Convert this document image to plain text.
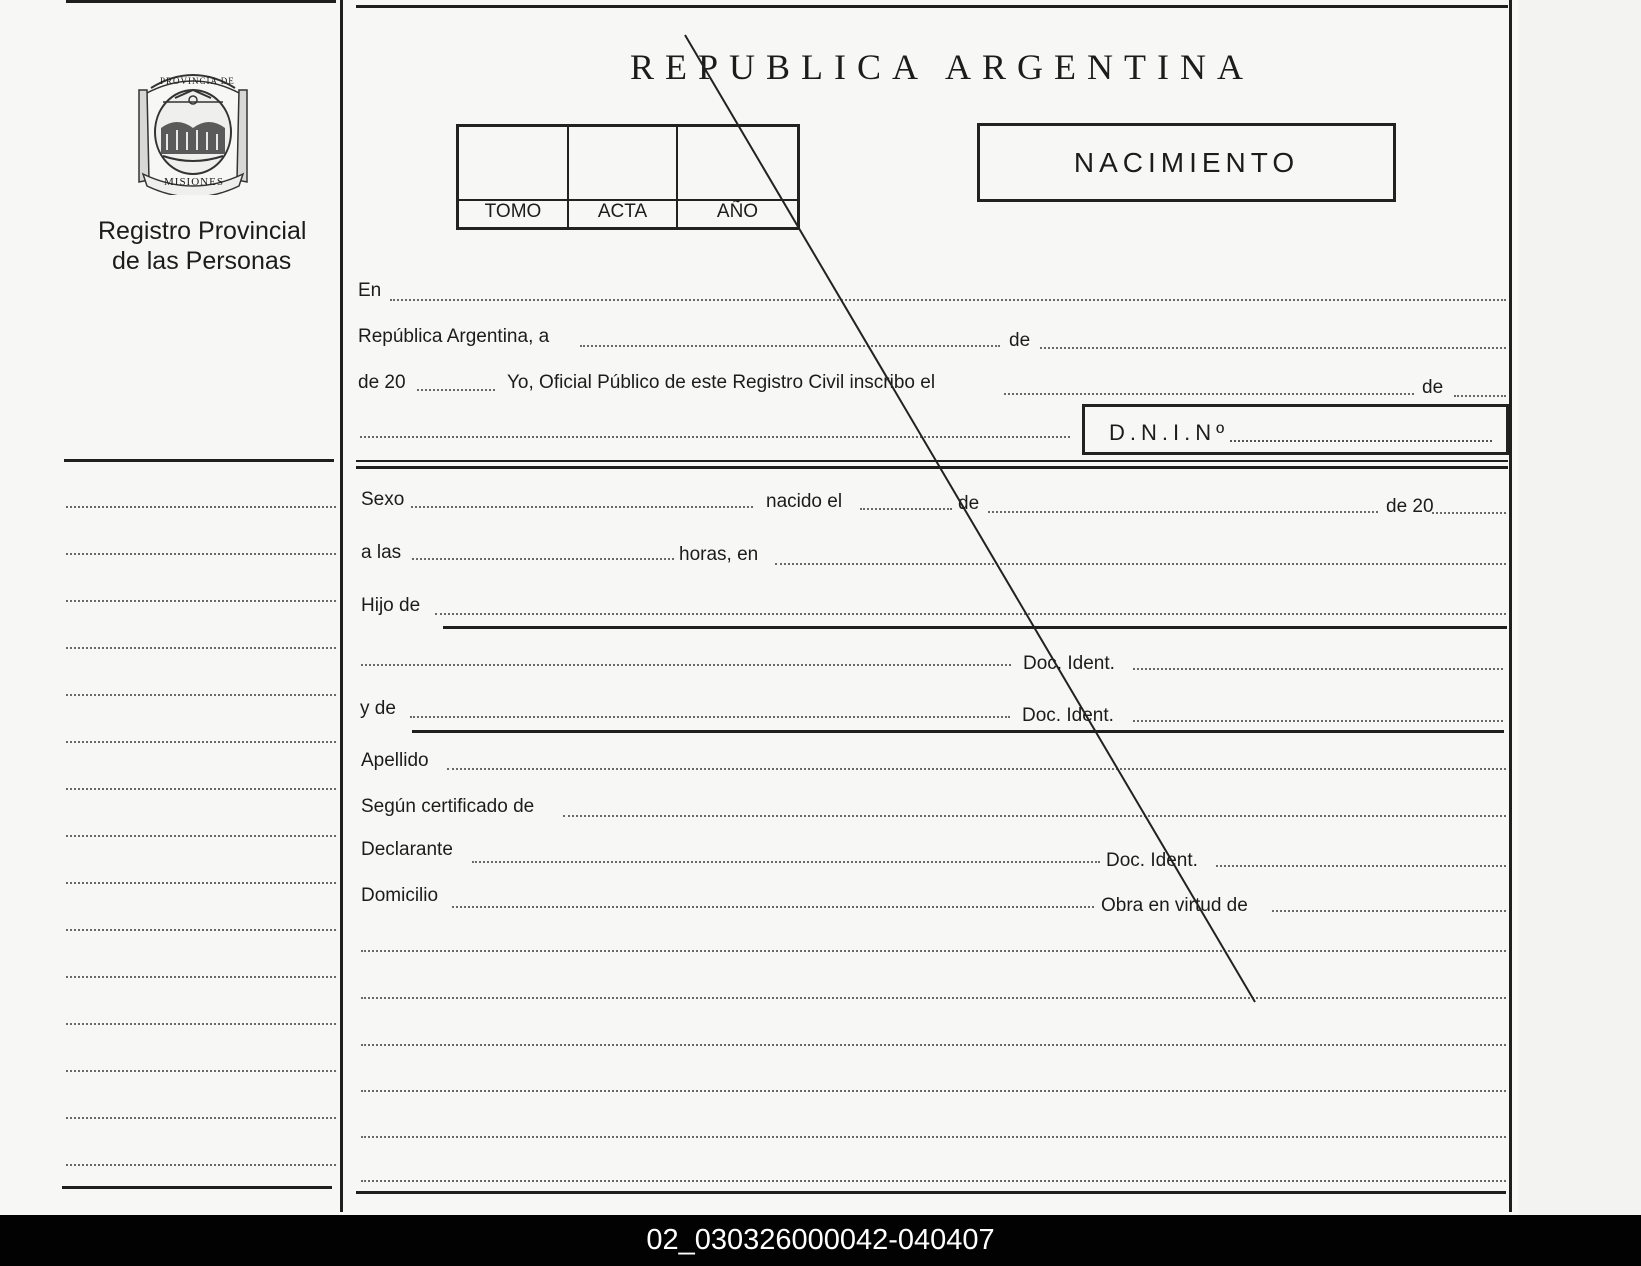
PROVINCIA DE
MISIONES
Registro Provincial
de las Personas
REPUBLICA ARGENTINA
TOMO	ACTA	AÑO
NACIMIENTO
En
República Argentina, a	de
de 20	Yo, Oficial Público de este Registro Civil inscribo el	de
D.N.I.Nº
Sexo	nacido el	de	de 20
a las	horas, en
Hijo de
Doc. Ident.
y de	Doc. Ident.
Apellido
Según certificado de
Declarante
Doc. Ident.
Domicilio	Obra en virtud de
02_030326000042-040407
